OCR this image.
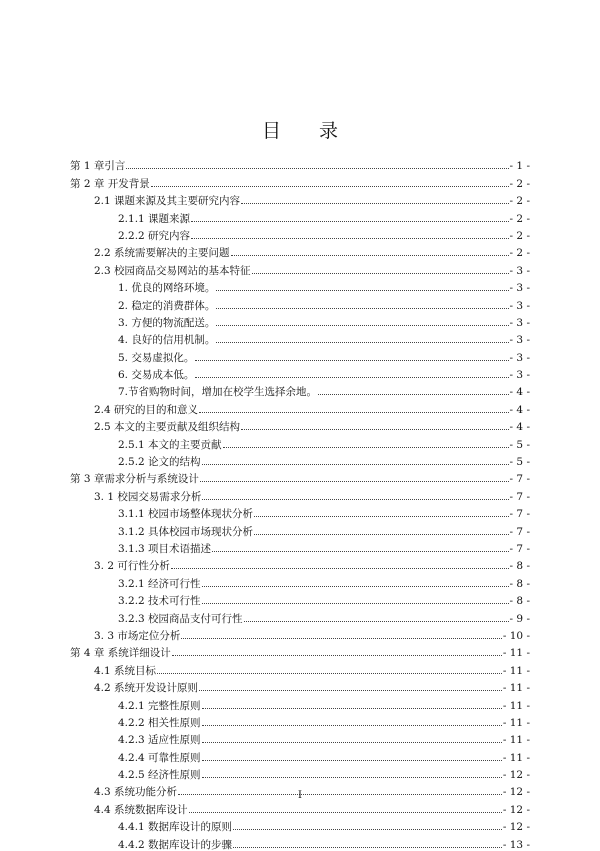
目 录
第 1 章引言	- 1 -
第 2 章 开发背景	- 2 -
2.1 课题来源及其主要研究内容	- 2 -
2.1.1 课题来源	- 2 -
2.2.2 研究内容	- 2 -
2.2 系统需要解决的主要问题	- 2 -
2.3 校园商品交易网站的基本特征	- 3 -
1. 优良的网络环境。	- 3 -
2. 稳定的消费群体。	- 3 -
3. 方便的物流配送。	- 3 -
4. 良好的信用机制。	- 3 -
5. 交易虚拟化。	- 3 -
6. 交易成本低。	- 3 -
7.节省购物时间，增加在校学生选择余地。	- 4 -
2.4 研究的目的和意义	- 4 -
2.5 本文的主要贡献及组织结构	- 4 -
2.5.1 本文的主要贡献	- 5 -
2.5.2 论文的结构	- 5 -
第 3 章需求分析与系统设计	- 7 -
3. 1 校园交易需求分析	- 7 -
3.1.1 校园市场整体现状分析	- 7 -
3.1.2 具体校园市场现状分析	- 7 -
3.1.3 项目术语描述	- 7 -
3. 2 可行性分析	- 8 -
3.2.1 经济可行性	- 8 -
3.2.2 技术可行性	- 8 -
3.2.3 校园商品支付可行性	- 9 -
3. 3 市场定位分析	- 10 -
第 4 章 系统详细设计	- 11 -
4.1 系统目标	- 11 -
4.2 系统开发设计原则	- 11 -
4.2.1 完整性原则	- 11 -
4.2.2 相关性原则	- 11 -
4.2.3 适应性原则	- 11 -
4.2.4 可靠性原则	- 11 -
4.2.5 经济性原则	- 12 -
4.3 系统功能分析	- 12 -
4.4 系统数据库设计	- 12 -
4.4.1 数据库设计的原则	- 12 -
4.4.2 数据库设计的步骤	- 13 -
I
